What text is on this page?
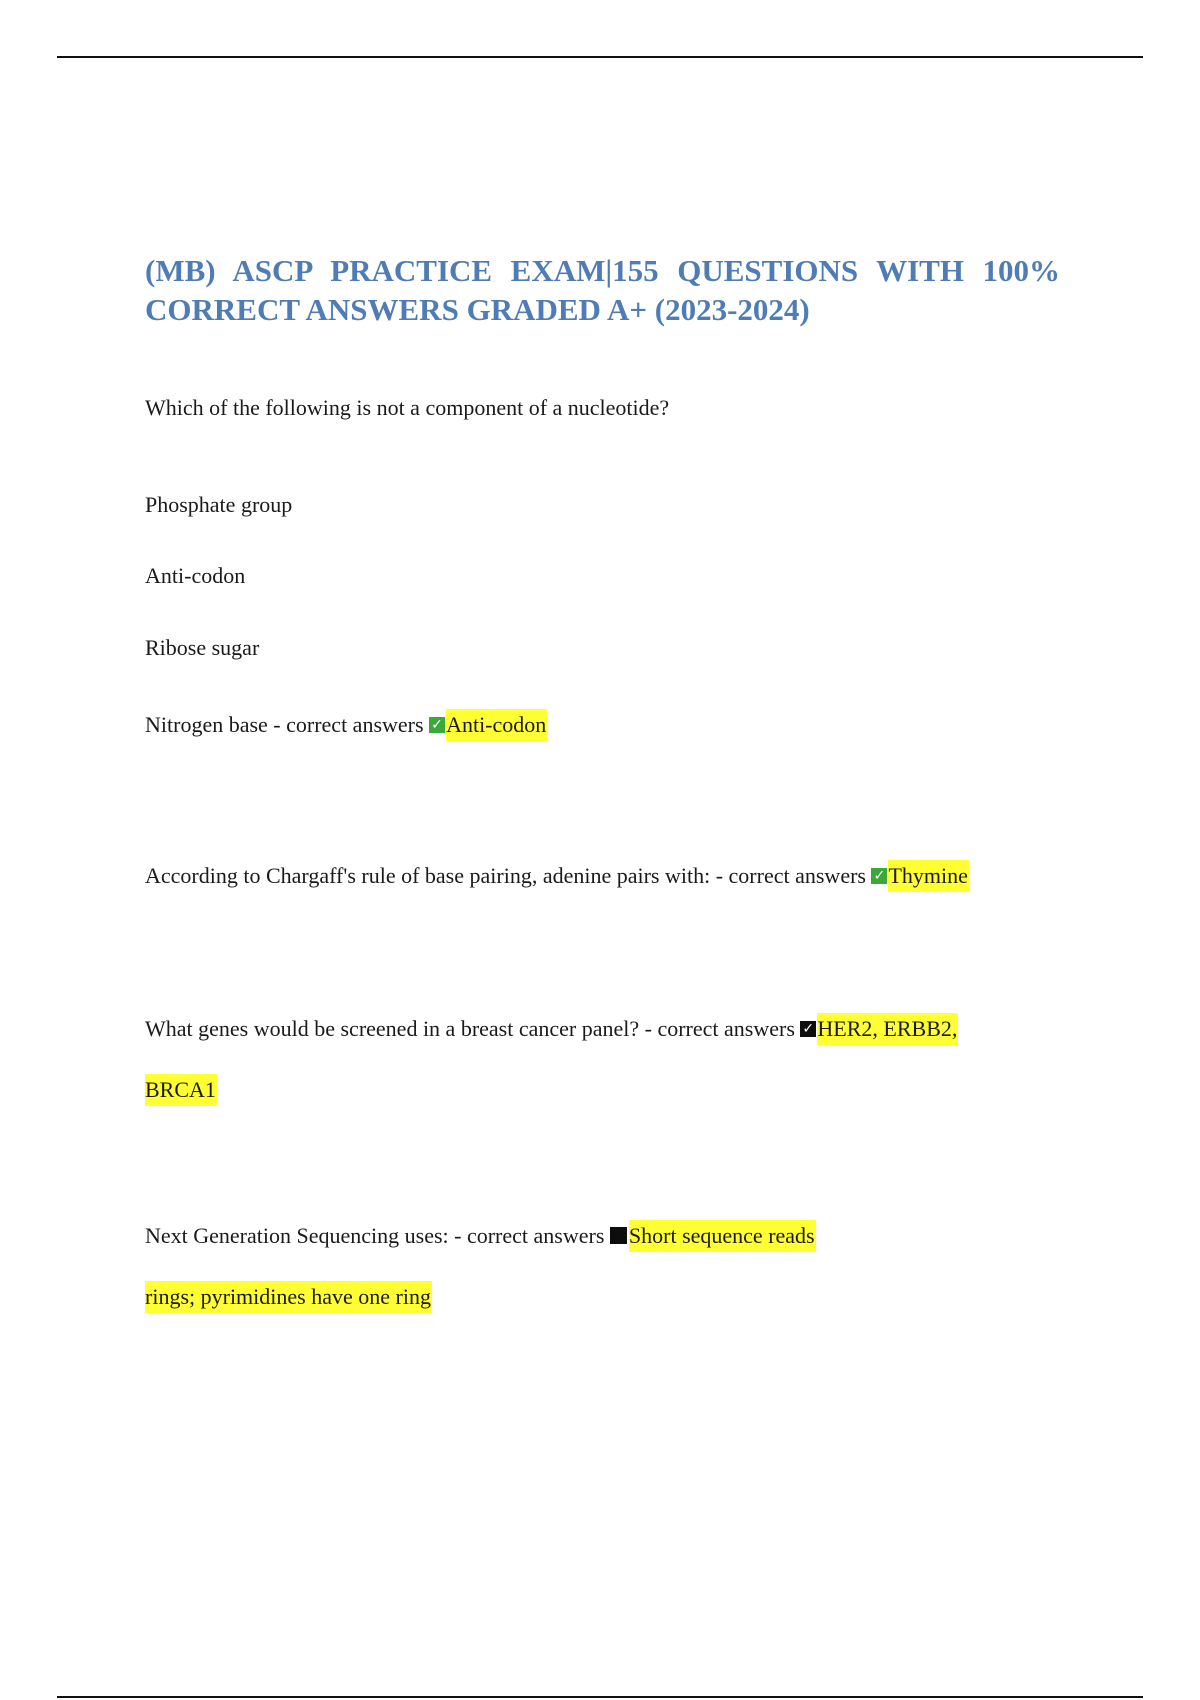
(MB) ASCP PRACTICE EXAM|155 QUESTIONS WITH 100%
CORRECT ANSWERS GRADED A+ (2023-2024)

Which of the following is not a component of a nucleotide?

Phosphate group

Anti-codon

Ribose sugar

Nitrogen base - correct answers ✓ Anti-codon

According to Chargaff's rule of base pairing, adenine pairs with: - correct answers ✓ Thymine

What genes would be screened in a breast cancer panel? - correct answers ✓ HER2, ERBB2,

BRCA1

Next Generation Sequencing uses: - correct answers Short sequence reads

rings; pyrimidines have one ring
